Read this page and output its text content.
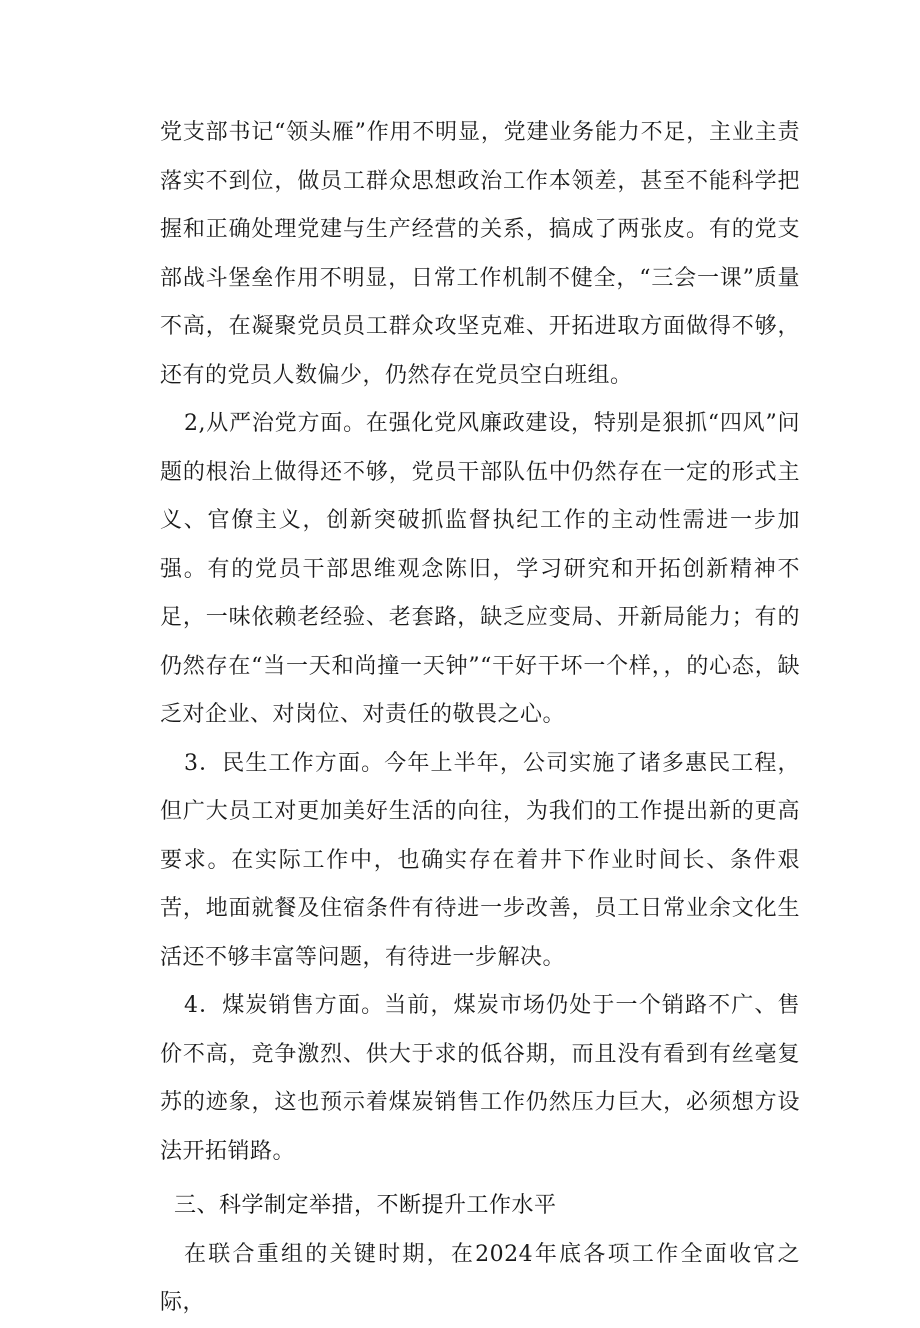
党支部书记“领头雁”作用不明显，党建业务能力不足，主业主责落实不到位，做员工群众思想政治工作本领差，甚至不能科学把握和正确处理党建与生产经营的关系，搞成了两张皮。有的党支部战斗堡垒作用不明显，日常工作机制不健全，“三会一课”质量不高，在凝聚党员员工群众攻坚克难、开拓进取方面做得不够，还有的党员人数偏少，仍然存在党员空白班组。

2,从严治党方面。在强化党风廉政建设，特别是狠抓“四风”问题的根治上做得还不够，党员干部队伍中仍然存在一定的形式主义、官僚主义，创新突破抓监督执纪工作的主动性需进一步加强。有的党员干部思维观念陈旧，学习研究和开拓创新精神不足，一味依赖老经验、老套路，缺乏应变局、开新局能力；有的仍然存在“当一天和尚撞一天钟”“干好干坏一个样，，的心态，缺乏对企业、对岗位、对责任的敬畏之心。

3．民生工作方面。今年上半年，公司实施了诸多惠民工程，但广大员工对更加美好生活的向往，为我们的工作提出新的更高要求。在实际工作中，也确实存在着井下作业时间长、条件艰苦，地面就餐及住宿条件有待进一步改善，员工日常业余文化生活还不够丰富等问题，有待进一步解决。

4．煤炭销售方面。当前，煤炭市场仍处于一个销路不广、售价不高，竞争激烈、供大于求的低谷期，而且没有看到有丝毫复苏的迹象，这也预示着煤炭销售工作仍然压力巨大，必须想方设法开拓销路。

三、科学制定举措，不断提升工作水平

在联合重组的关键时期，在2024年底各项工作全面收官之际，
